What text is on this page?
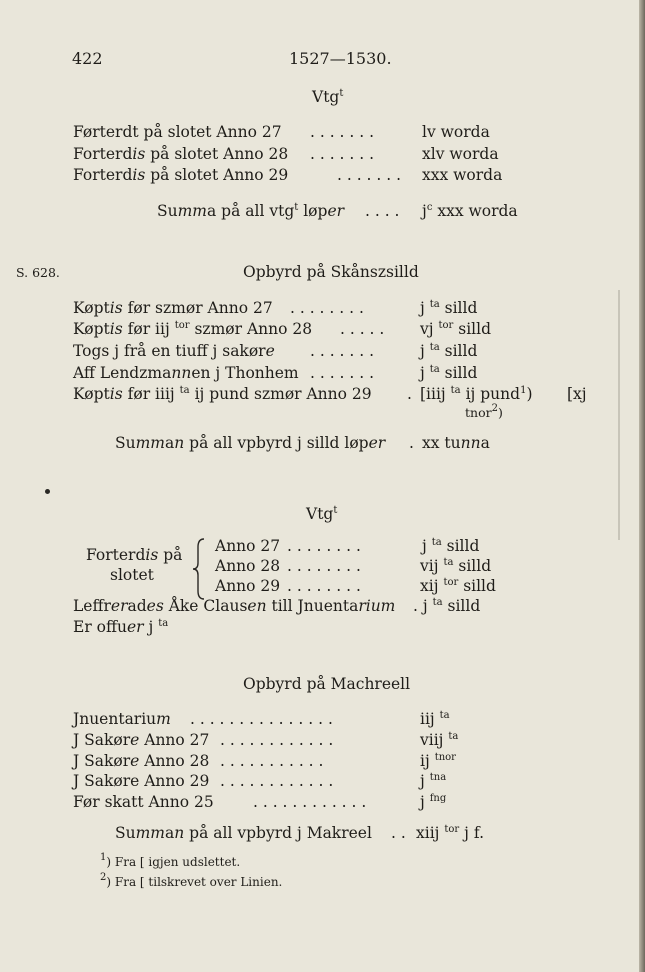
422	1527—1530.
Vtg$^t$
Førterdt på slotet Anno 27 . . . . . . .	lv worda
Forterdis på slotet Anno 28 . . . . . . .	xlv worda
Forterdis på slotet Anno 29	. . . . . . . xxx worda
Summa på all vtg$^t$ løper . . . . $j^c$ xxx worda
S. 628.	Opbyrd på Skånszsilld
Køptis før szmør Anno 27 . . . . . . . .	j $^{ta}$ silld
Køptis før iij $^{tor}$ szmør Anno 28 . . . . . vj $^{tor}$ silld
Togs j frå en tiuff j sakøre . . . . . . .	j $^{ta}$ silld
Aff Lendzmannen j Thonhem . . . . . . .	j $^{ta}$ silld
Køptis før iiij $^{ta}$ ij pund szmør Anno 29 . [iiij $^{ta}$ ij pund$^1$) [xj
tnor$^2$)
Summan på all vpbyrd j silld løper . xx tunna
Vtg$^t$
Forterdis på
slotet
Anno 27 . . . . . . . .	j $^{ta}$ silld
Anno 28 . . . . . . . .	vij $^{ta}$ silld
Anno 29 . . . . . . . .	xij $^{tor}$ silld
Leffrerades Åke Clausen till Jnuentarium . j $^{ta}$ silld
Er offuer j $^{ta}$
Opbyrd på Machreell
Jnuentarium . . . . . . . . . . . . . . .	iij $^{ta}$
J Sakøre Anno 27 . . . . . . . . . . . .	viij $^{ta}$
J Sakøre Anno 28 . . . . . . . . . . .	ij $^{tnor}$
J Sakøre Anno 29 . . . . . . . . . . . .	j $^{tna}$
Før skatt Anno 25	. . . . . . . . . . . .	j $^{fng}$
Summan på all vpbyrd j Makreel . . xiij $^{tor}$ j f.
$^1$) Fra [ igjen udslettet.
$^2$) Fra [ tilskrevet over Linien.
